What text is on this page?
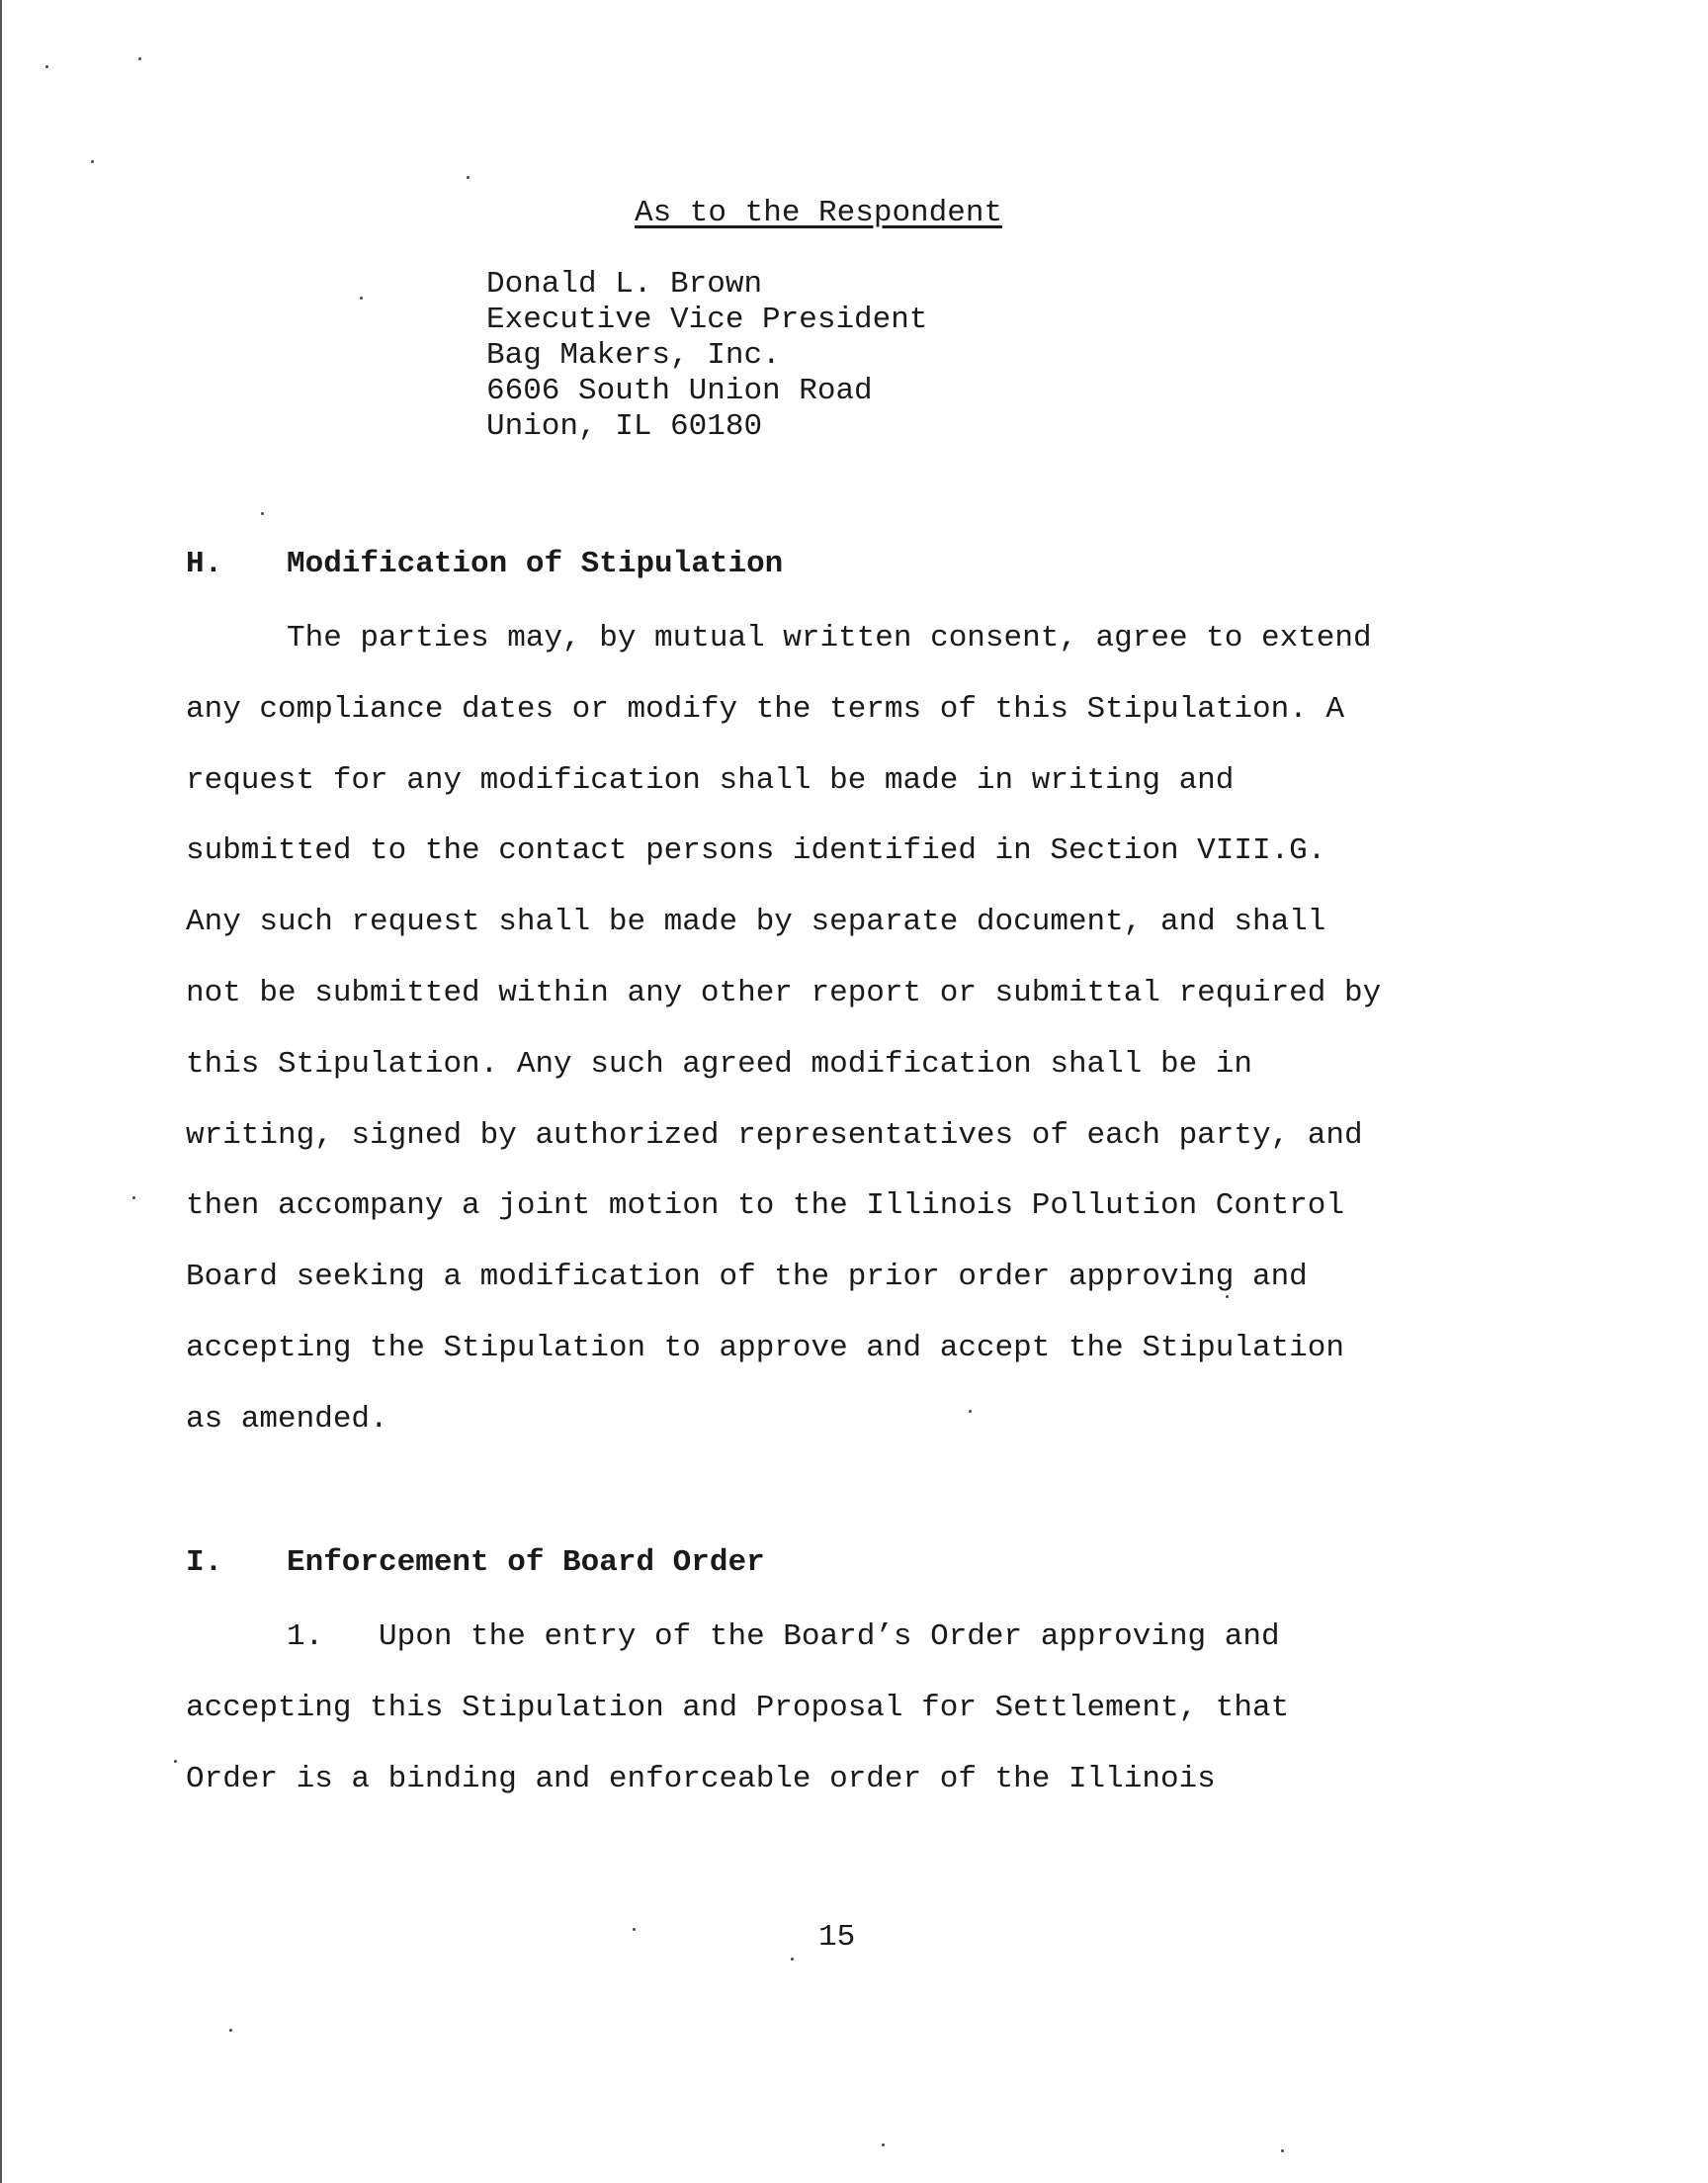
As to the Respondent
Donald L. Brown
Executive Vice President
Bag Makers, Inc.
6606 South Union Road
Union, IL 60180
H. Modification of Stipulation
The parties may, by mutual written consent, agree to extend
any compliance dates or modify the terms of this Stipulation. A
request for any modification shall be made in writing and
submitted to the contact persons identified in Section VIII.G.
Any such request shall be made by separate document, and shall
not be submitted within any other report or submittal required by
this Stipulation. Any such agreed modification shall be in
writing, signed by authorized representatives of each party, and
then accompany a joint motion to the Illinois Pollution Control
Board seeking a modification of the prior order approving and
accepting the Stipulation to approve and accept the Stipulation
as amended.
I. Enforcement of Board Order
1.   Upon the entry of the Board’s Order approving and
accepting this Stipulation and Proposal for Settlement, that
Order is a binding and enforceable order of the Illinois
15
